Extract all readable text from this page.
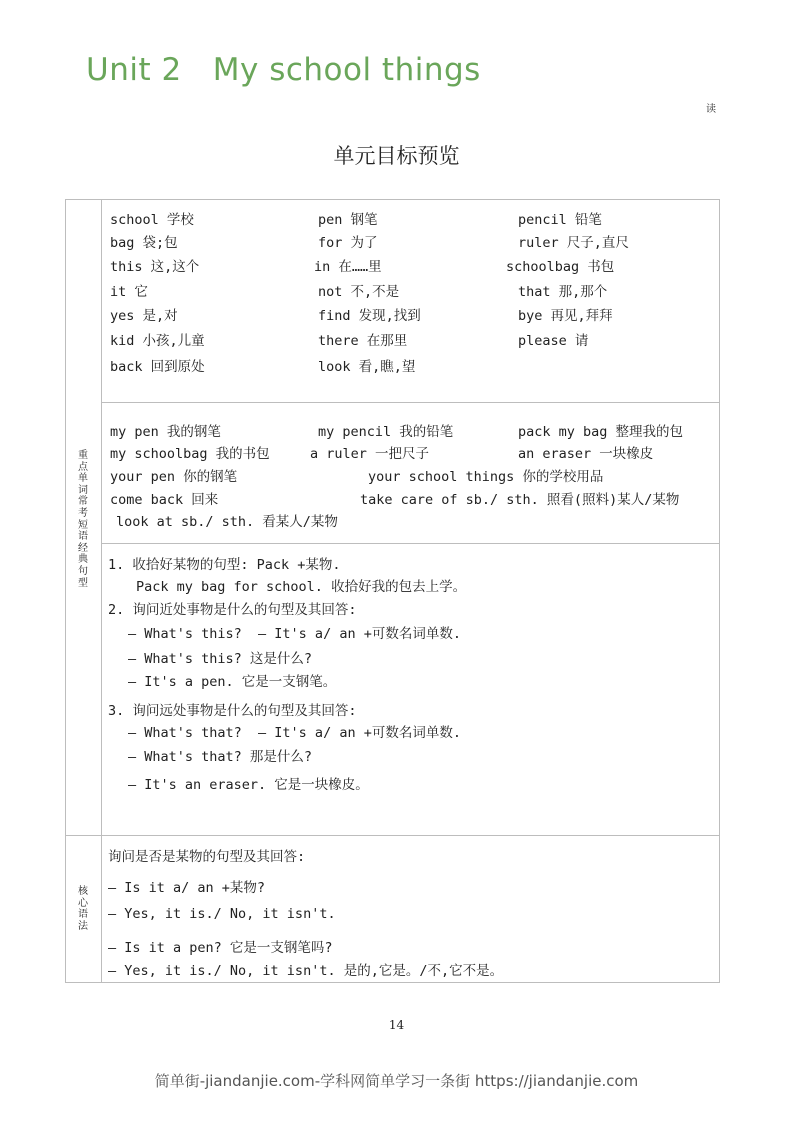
Unit 2   My school things
读
单元目标预览
重点单词常考短语经典句型
核心语法
school 学校	pen 钢笔	pencil 铅笔
bag 袋;包	for 为了	ruler 尺子,直尺
this 这,这个	in 在……里	schoolbag 书包
it 它	not 不,不是	that 那,那个
yes 是,对	find 发现,找到	bye 再见,拜拜
kid 小孩,儿童	there 在那里	please 请
back 回到原处	look 看,瞧,望
my pen 我的钢笔	my pencil 我的铅笔	pack my bag 整理我的包
my schoolbag 我的书包	a ruler 一把尺子	an eraser 一块橡皮
your pen 你的钢笔	your school things 你的学校用品
come back 回来	take care of sb./ sth. 照看(照料)某人/某物
look at sb./ sth. 看某人/某物
1. 收拾好某物的句型: Pack +某物.
Pack my bag for school. 收拾好我的包去上学。
2. 询问近处事物是什么的句型及其回答:
— What's this?  — It's a/ an +可数名词单数.
— What's this? 这是什么?
— It's a pen. 它是一支钢笔。
3. 询问远处事物是什么的句型及其回答:
— What's that?  — It's a/ an +可数名词单数.
— What's that? 那是什么?
— It's an eraser. 它是一块橡皮。
询问是否是某物的句型及其回答:
— Is it a/ an +某物?
— Yes, it is./ No, it isn't.
— Is it a pen? 它是一支钢笔吗?
— Yes, it is./ No, it isn't. 是的,它是。/不,它不是。
14
简单街-jiandanjie.com-学科网简单学习一条街 https://jiandanjie.com
